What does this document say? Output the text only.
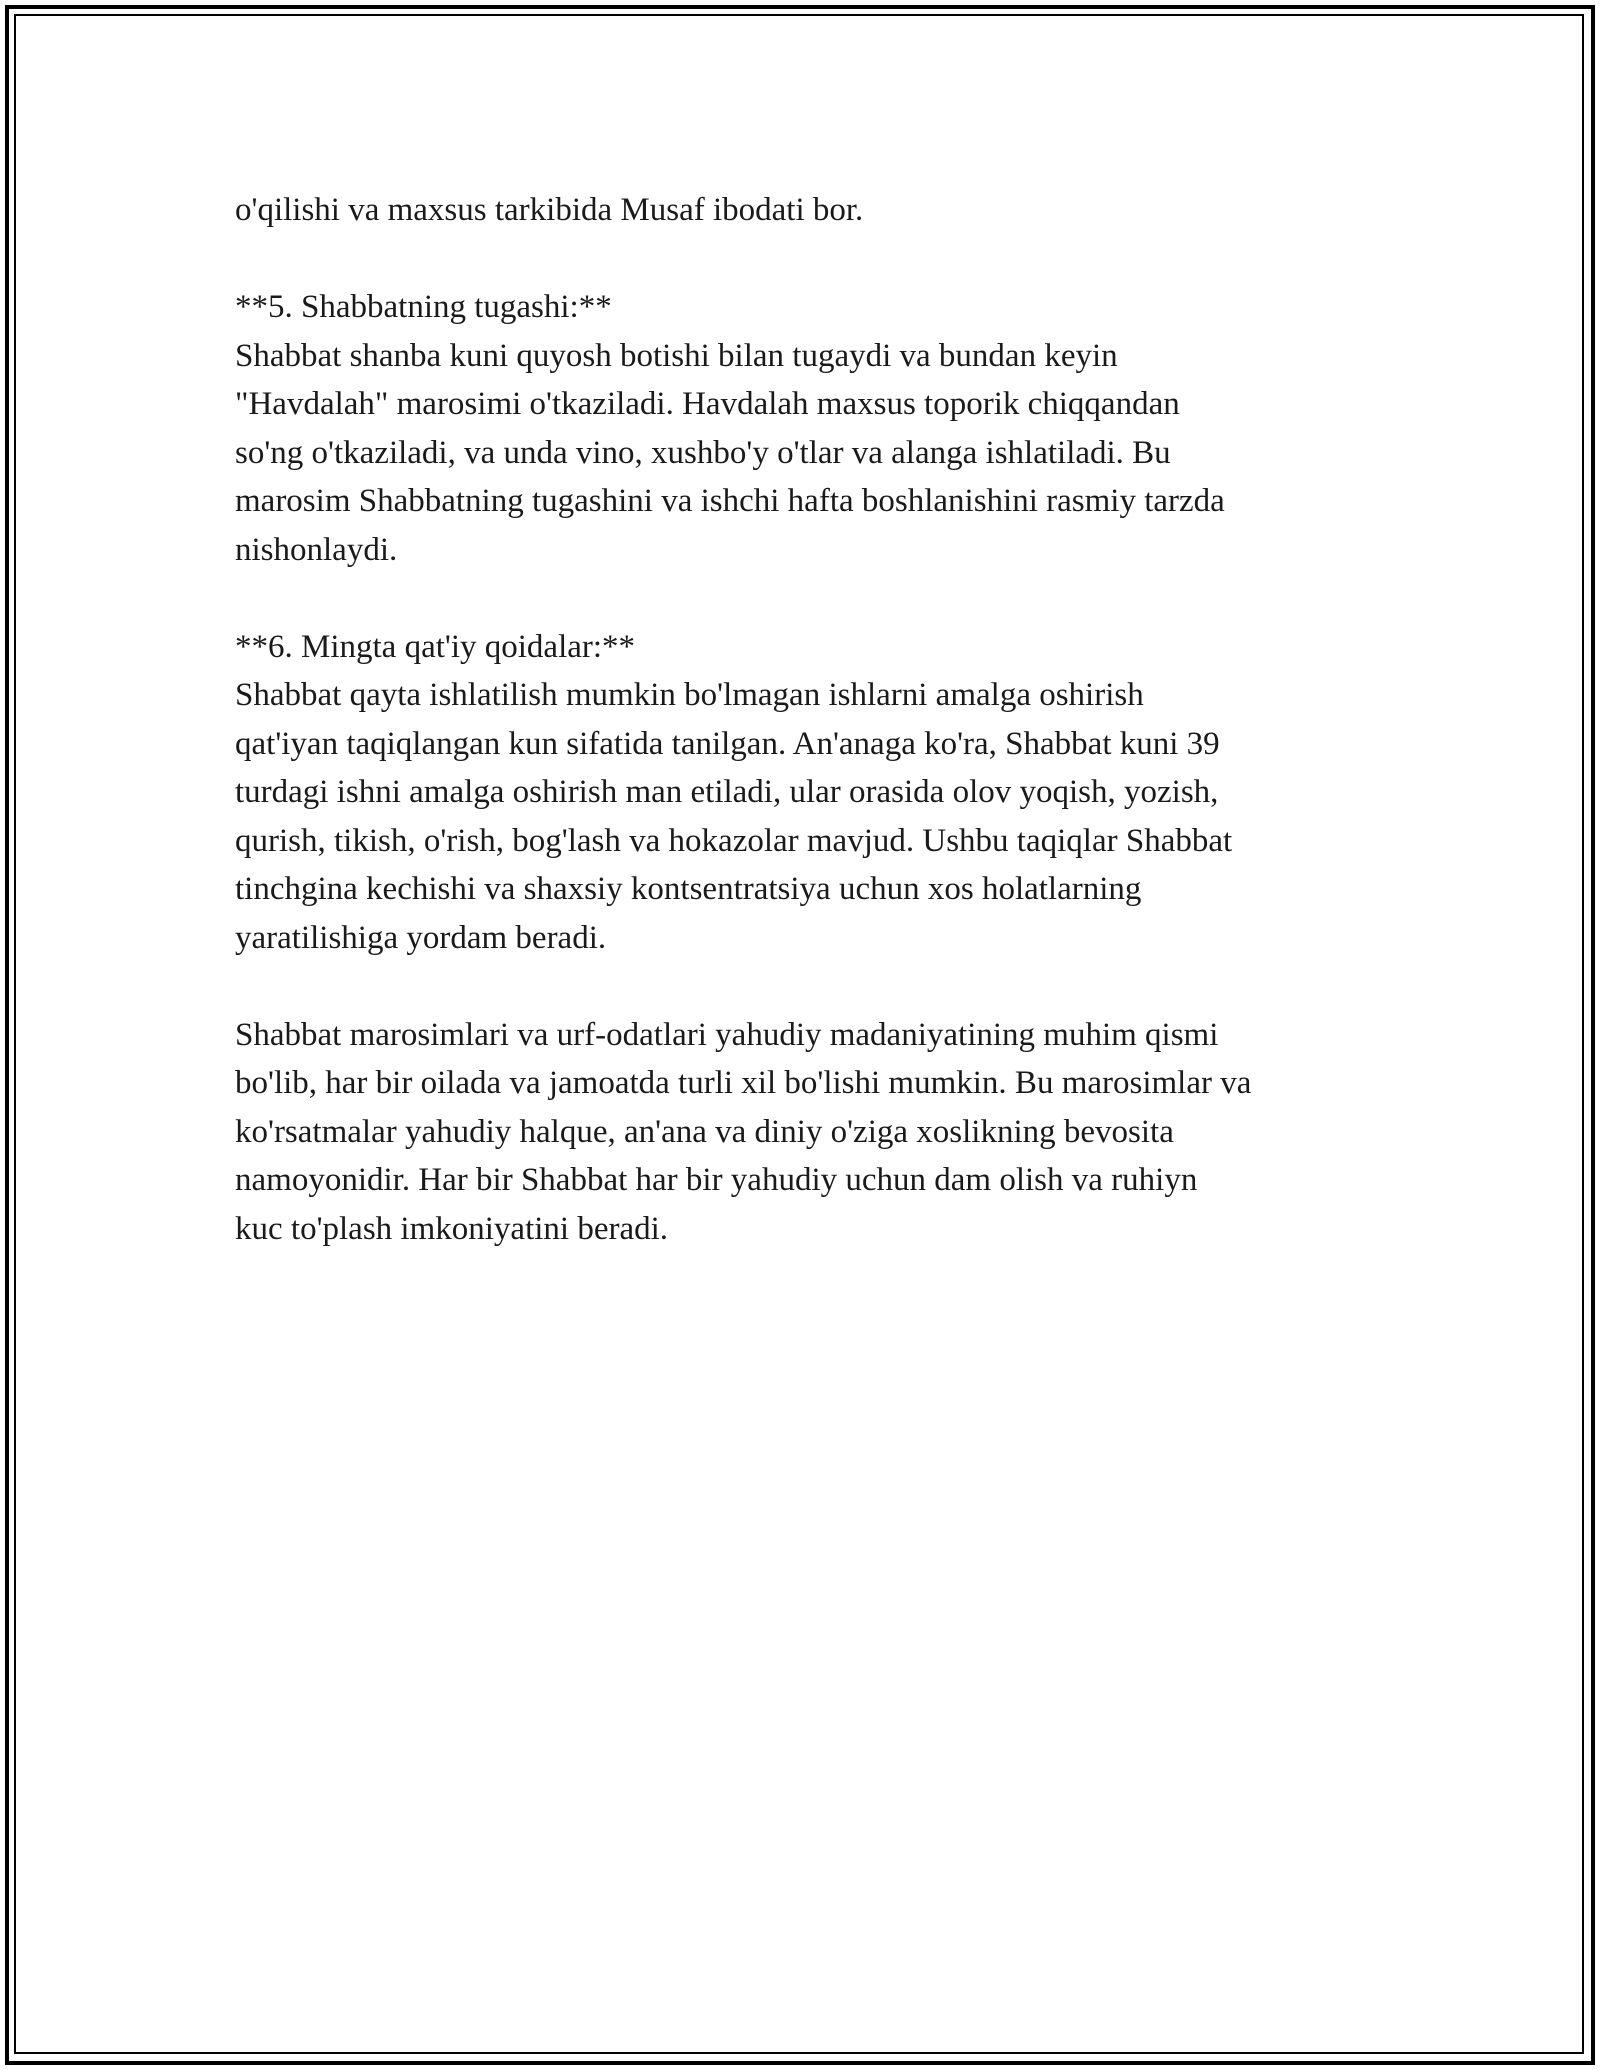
o'qilishi va maxsus tarkibida Musaf ibodati bor.

**5. Shabbatning tugashi:**

Shabbat shanba kuni quyosh botishi bilan tugaydi va bundan keyin
"Havdalah" marosimi o'tkaziladi. Havdalah maxsus toporik chiqqandan
so'ng o'tkaziladi, va unda vino, xushbo'y o'tlar va alanga ishlatiladi. Bu
marosim Shabbatning tugashini va ishchi hafta boshlanishini rasmiy tarzda
nishonlaydi.

**6. Mingta qat'iy qoidalar:**

Shabbat qayta ishlatilish mumkin bo'lmagan ishlarni amalga oshirish
qat'iyan taqiqlangan kun sifatida tanilgan. An'anaga ko'ra, Shabbat kuni 39
turdagi ishni amalga oshirish man etiladi, ular orasida olov yoqish, yozish,
qurish, tikish, o'rish, bog'lash va hokazolar mavjud. Ushbu taqiqlar Shabbat
tinchgina kechishi va shaxsiy kontsentratsiya uchun xos holatlarning
yaratilishiga yordam beradi.

Shabbat marosimlari va urf-odatlari yahudiy madaniyatining muhim qismi
bo'lib, har bir oilada va jamoatda turli xil bo'lishi mumkin. Bu marosimlar va
ko'rsatmalar yahudiy halque, an'ana va diniy o'ziga xoslikning bevosita
namoyonidir. Har bir Shabbat har bir yahudiy uchun dam olish va ruhiyn
kuc to'plash imkoniyatini beradi.
